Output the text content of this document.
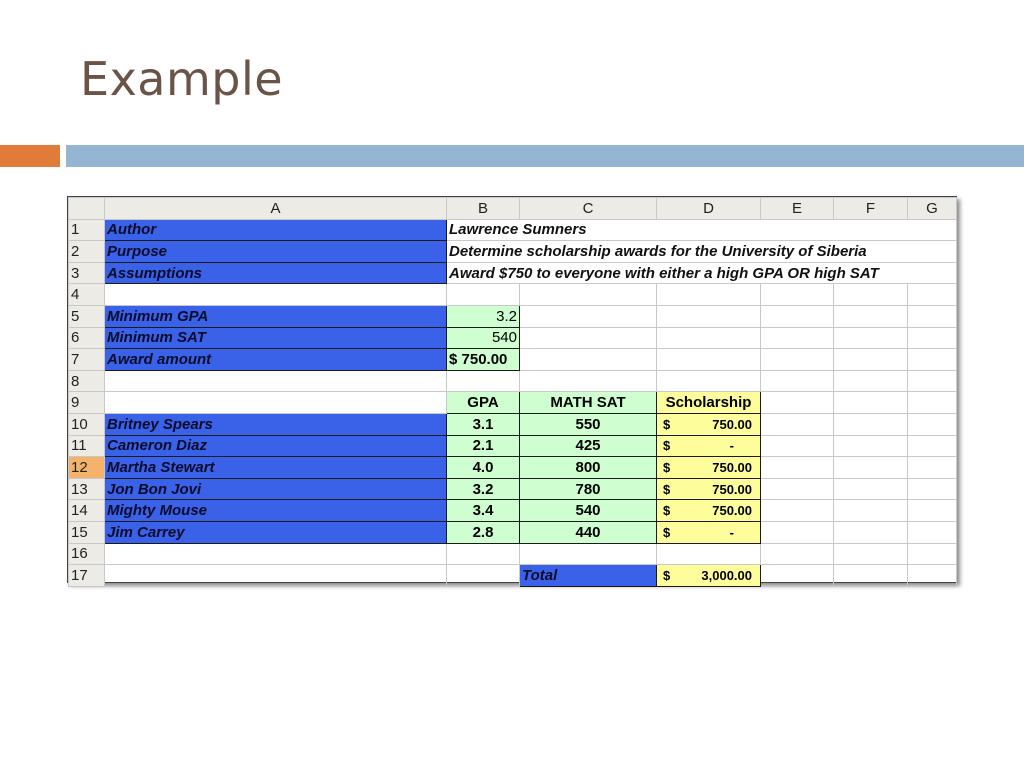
Example
	A	B	C	D	E	F	G
1	Author	Lawrence Sumners					
2	Purpose	Determine scholarship awards for the University of Siberia					
3	Assumptions	Award $750 to everyone with either a high GPA OR high SAT					
4							
5	Minimum GPA	3.2					
6	Minimum SAT	540					
7	Award amount	$ 750.00					
8							
9		GPA	MATH SAT	Scholarship			
10	Britney Spears	3.1	550	$ 750.00			

11	Cameron Diaz	2.1	425	$ -			

12	Martha Stewart	4.0	800	$ 750.00			

13	Jon Bon Jovi	3.2	780	$ 750.00			

14	Mighty Mouse	3.4	540	$ 750.00			

15	Jim Carrey	2.8	440	$ -			

16							
17			Total	$ 3,000.00			
